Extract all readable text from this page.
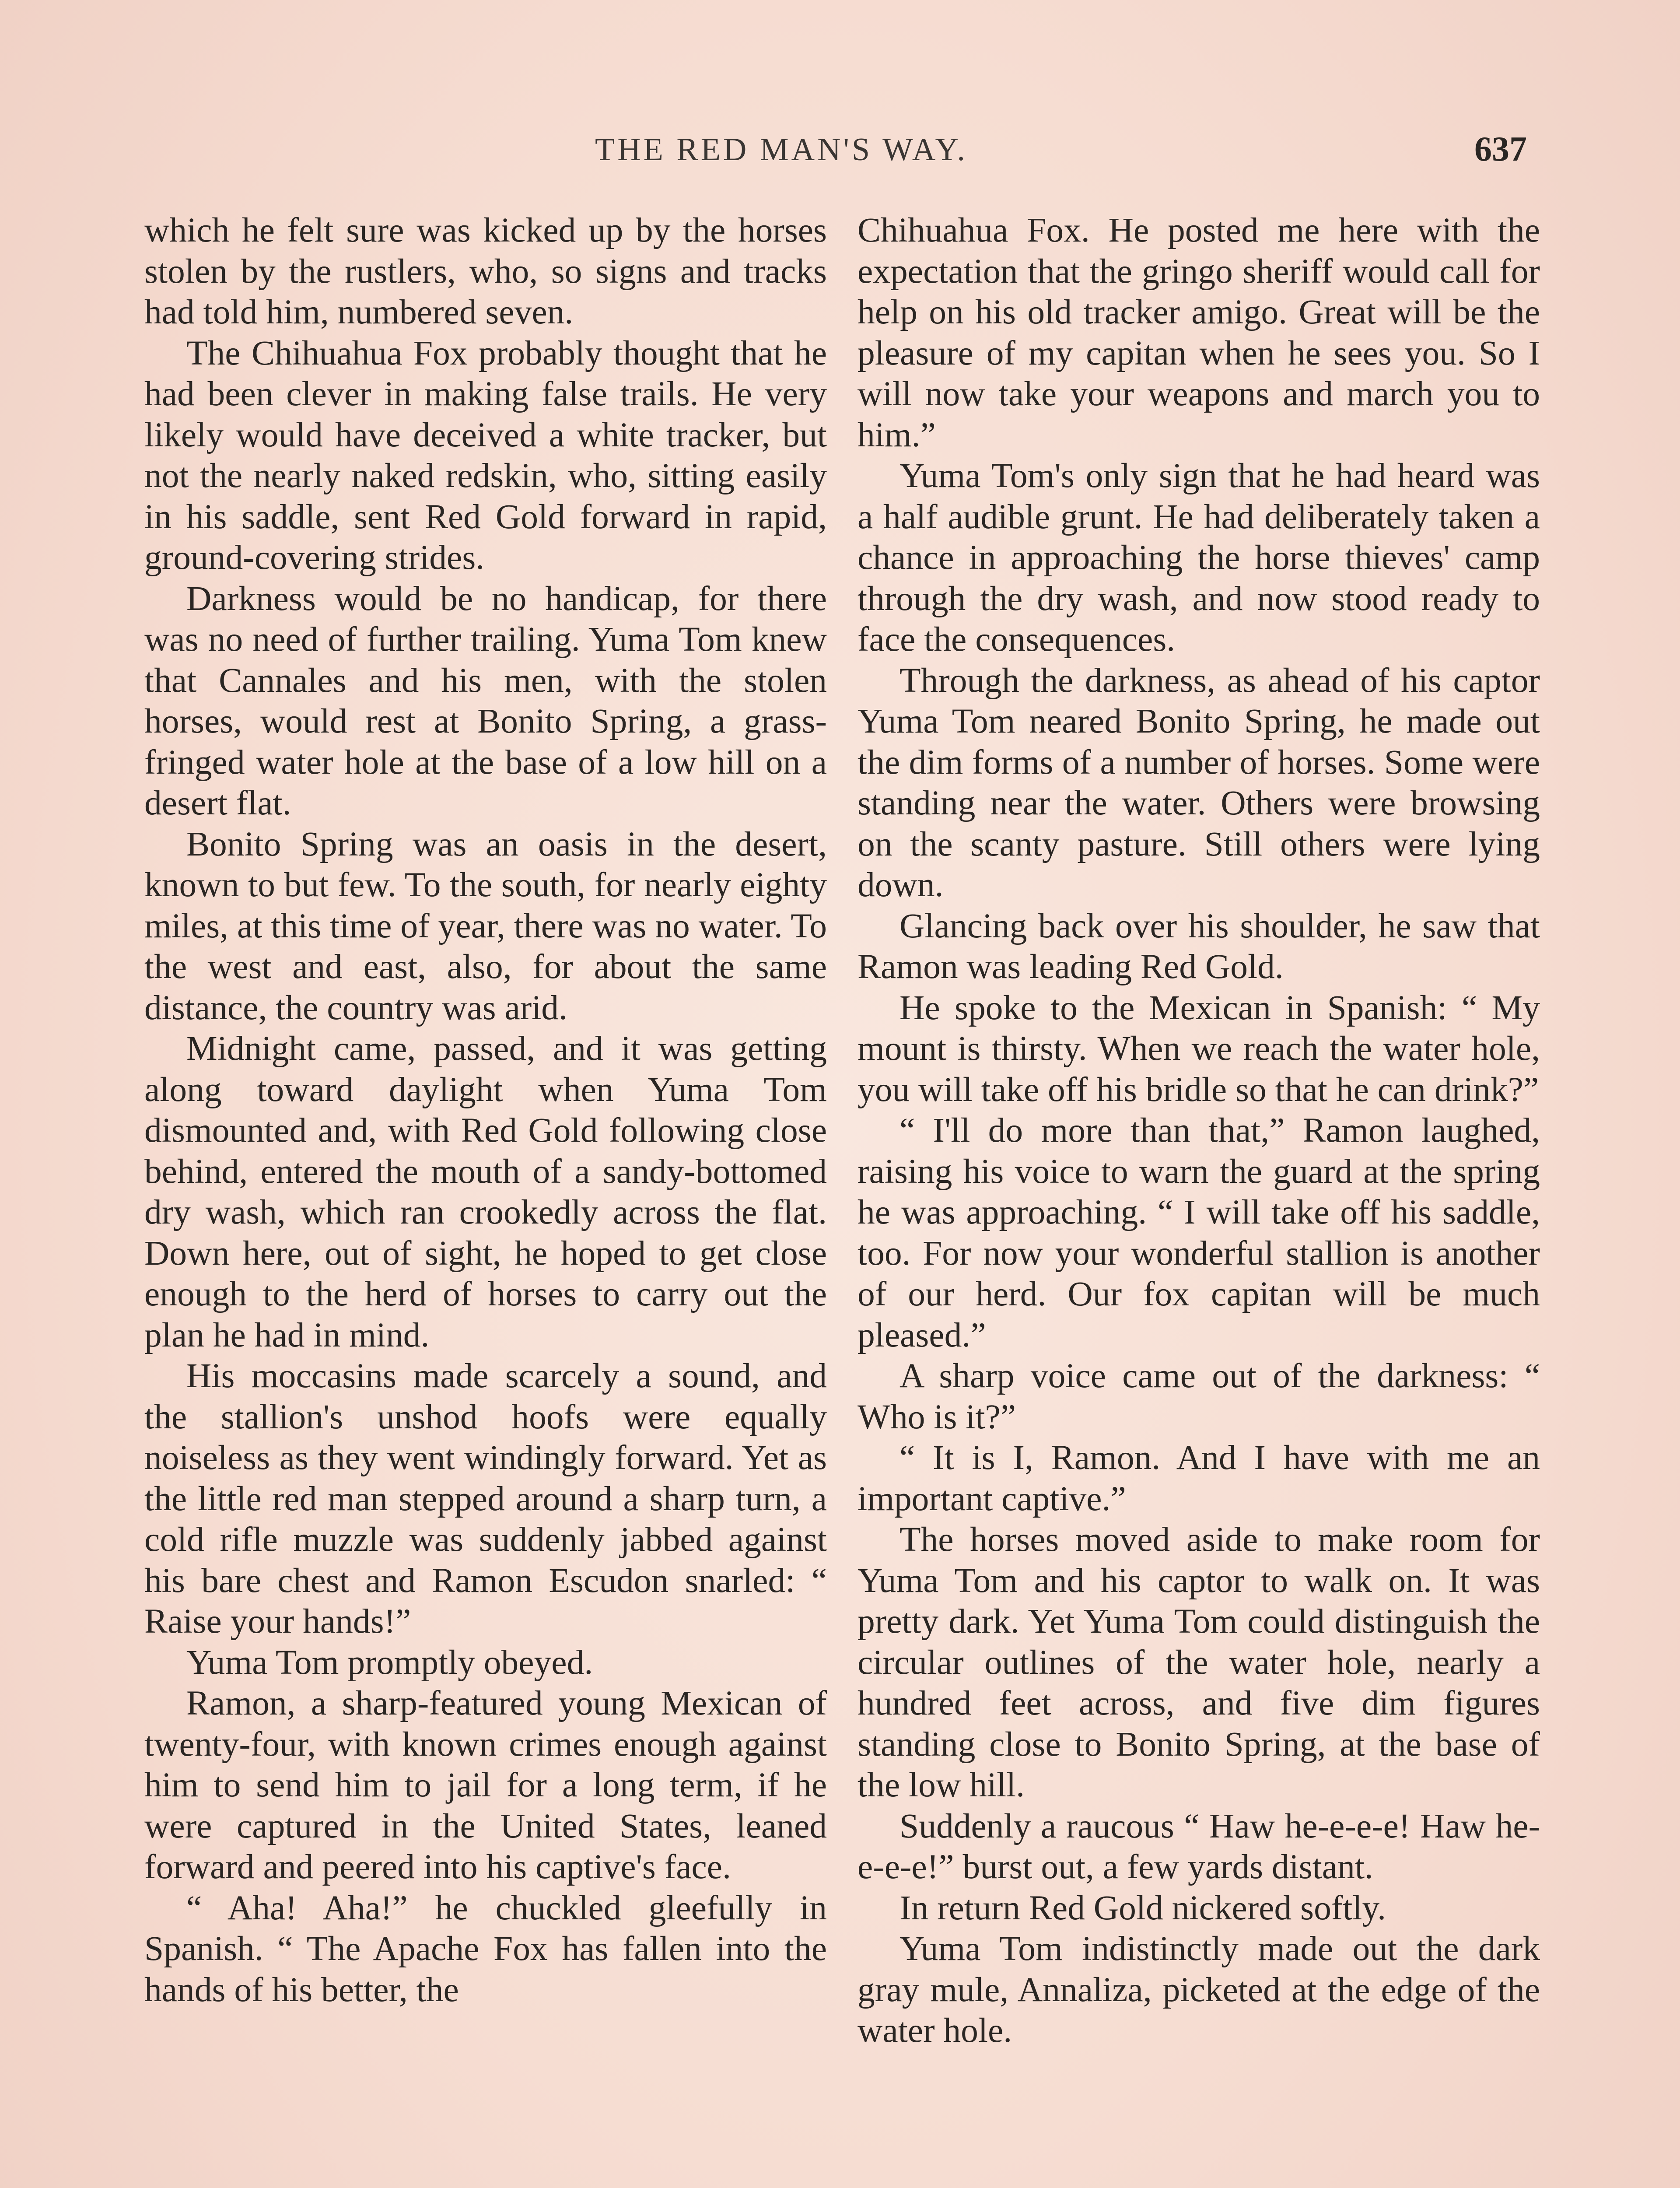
THE RED MAN'S WAY.	637

which he felt sure was kicked up by the horses stolen by the rustlers, who, so signs and tracks had told him, numbered seven.

The Chihuahua Fox probably thought that he had been clever in making false trails. He very likely would have deceived a white tracker, but not the nearly naked redskin, who, sitting easily in his saddle, sent Red Gold forward in rapid, ground-covering strides.

Darkness would be no handicap, for there was no need of further trailing. Yuma Tom knew that Cannales and his men, with the stolen horses, would rest at Bonito Spring, a grass-fringed water hole at the base of a low hill on a desert flat.

Bonito Spring was an oasis in the desert, known to but few. To the south, for nearly eighty miles, at this time of year, there was no water. To the west and east, also, for about the same distance, the country was arid.

Midnight came, passed, and it was getting along toward daylight when Yuma Tom dismounted and, with Red Gold following close behind, entered the mouth of a sandy-bottomed dry wash, which ran crookedly across the flat. Down here, out of sight, he hoped to get close enough to the herd of horses to carry out the plan he had in mind.

His moccasins made scarcely a sound, and the stallion's unshod hoofs were equally noiseless as they went windingly forward. Yet as the little red man stepped around a sharp turn, a cold rifle muzzle was suddenly jabbed against his bare chest and Ramon Escudon snarled: “ Raise your hands!”

Yuma Tom promptly obeyed.

Ramon, a sharp-featured young Mexican of twenty-four, with known crimes enough against him to send him to jail for a long term, if he were captured in the United States, leaned forward and peered into his captive's face.

“ Aha! Aha!” he chuckled gleefully in Spanish. “ The Apache Fox has fallen into the hands of his better, the

Chihuahua Fox. He posted me here with the expectation that the gringo sheriff would call for help on his old tracker amigo. Great will be the pleasure of my capitan when he sees you. So I will now take your weapons and march you to him.”

Yuma Tom's only sign that he had heard was a half audible grunt. He had deliberately taken a chance in approaching the horse thieves' camp through the dry wash, and now stood ready to face the consequences.

Through the darkness, as ahead of his captor Yuma Tom neared Bonito Spring, he made out the dim forms of a number of horses. Some were standing near the water. Others were browsing on the scanty pasture. Still others were lying down.

Glancing back over his shoulder, he saw that Ramon was leading Red Gold.

He spoke to the Mexican in Spanish: “ My mount is thirsty. When we reach the water hole, you will take off his bridle so that he can drink?”

“ I'll do more than that,” Ramon laughed, raising his voice to warn the guard at the spring he was approaching. “ I will take off his saddle, too. For now your wonderful stallion is another of our herd. Our fox capitan will be much pleased.”

A sharp voice came out of the darkness: “ Who is it?”

“ It is I, Ramon. And I have with me an important captive.”

The horses moved aside to make room for Yuma Tom and his captor to walk on. It was pretty dark. Yet Yuma Tom could distinguish the circular outlines of the water hole, nearly a hundred feet across, and five dim figures standing close to Bonito Spring, at the base of the low hill.

Suddenly a raucous “ Haw he-e-e-e! Haw he-e-e-e!” burst out, a few yards distant.

In return Red Gold nickered softly.

Yuma Tom indistinctly made out the dark gray mule, Annaliza, picketed at the edge of the water hole.
